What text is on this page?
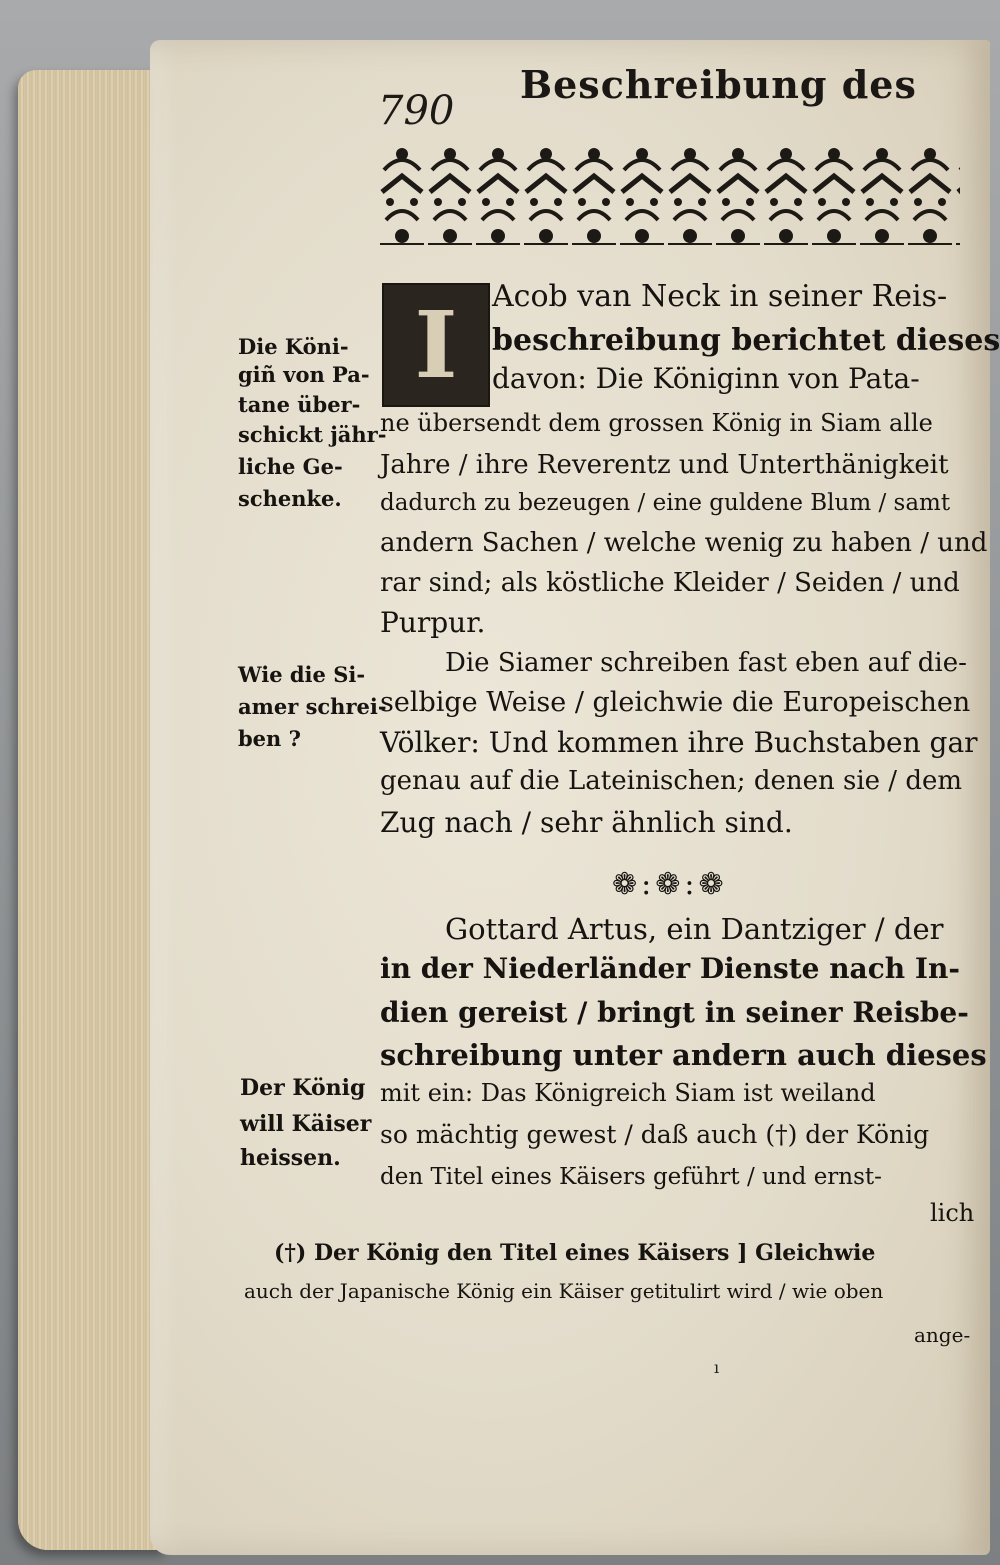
790
Beschreibung des
I	Acob van Neck in seiner Reis-
beschreibung berichtet dieses
davon: Die Königinn von Pata-
ne übersendt dem grossen König in Siam alle
Jahre / ihre Reverentz und Unterthänigkeit
dadurch zu bezeugen / eine guldene Blum / samt
andern Sachen / welche wenig zu haben / und
rar sind; als köstliche Kleider / Seiden / und
Purpur.
Die Siamer schreiben fast eben auf die-
selbige Weise / gleichwie die Europeischen
Völker: Und kommen ihre Buchstaben gar
genau auf die Lateinischen; denen sie / dem
Zug nach / sehr ähnlich sind.
❁:❁:❁
Gottard Artus, ein Dantziger / der
in der Niederländer Dienste nach In-
dien gereist / bringt in seiner Reisbe-
schreibung unter andern auch dieses
mit ein: Das Königreich Siam ist weiland
so mächtig gewest / daß auch (†) der König
den Titel eines Käisers geführt / und ernst-
lich
Die Köni-
giñ von Pa-
tane über-
schickt jähr-
liche Ge-
schenke.
Wie die Si-
amer schrei-
ben ?
Der König
will Käiser
heissen.
(†) Der König den Titel eines Käisers ] Gleichwie
auch der Japanische König ein Käiser getitulirt wird / wie oben
ange-
ı
